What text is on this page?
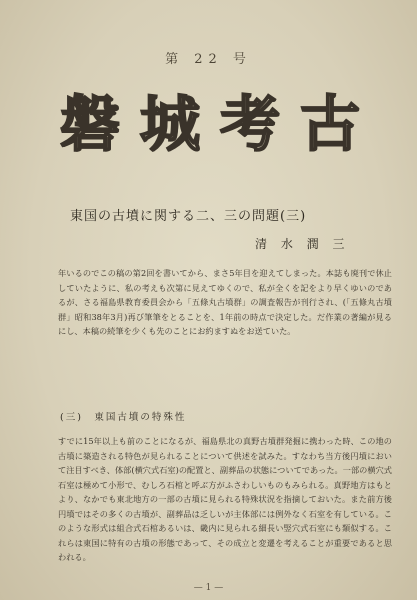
第 22 号
磐 城 考 古
東国の古墳に関する二、三の問題(三)
清 水 潤 三
年いるのでこの稿の第2回を書いてから、まさ5年目を迎えてしまった。本誌も廃刊で休止していたように、私の考えも次第に見えてゆくので、私が全くを記をより早くゆいのであるが、さる福島県教育委員会から「五條丸古墳群」の調査報告が刊行され、(「五條丸古墳群」昭和38年3月)再び筆筆をとることを、1年前の時点で決定した。だ作業の著編が見るにし、本稿の続筆を少くも先のことにお約ますぬをお送ていた。
(三)　東国古墳の特殊性
すでに15年以上も前のことになるが、福島県北の真野古墳群発掘に携わった時、この地の古墳に築造される特色が見られることについて供述を試みた。すなわち当方後円墳において注目すべき、体部(横穴式石室)の配置と、副葬品の状態についてであった。一部の横穴式石室は極めて小形で、むしろ石棺と呼ぶ方がふさわしいものもみられる。真野地方はもとより、なかでも東北地方の一部の古墳に見られる特殊状況を指摘しておいた。また前方後円墳ではその多くの古墳が、副葬品は乏しいが主体部には例外なく石室を有している。このような形式は組合式石棺あるいは、畿内に見られる細長い竪穴式石室にも類似する。これらは東国に特有の古墳の形態であって、その成立と変遷を考えることが重要であると思われる。
— 1 —
